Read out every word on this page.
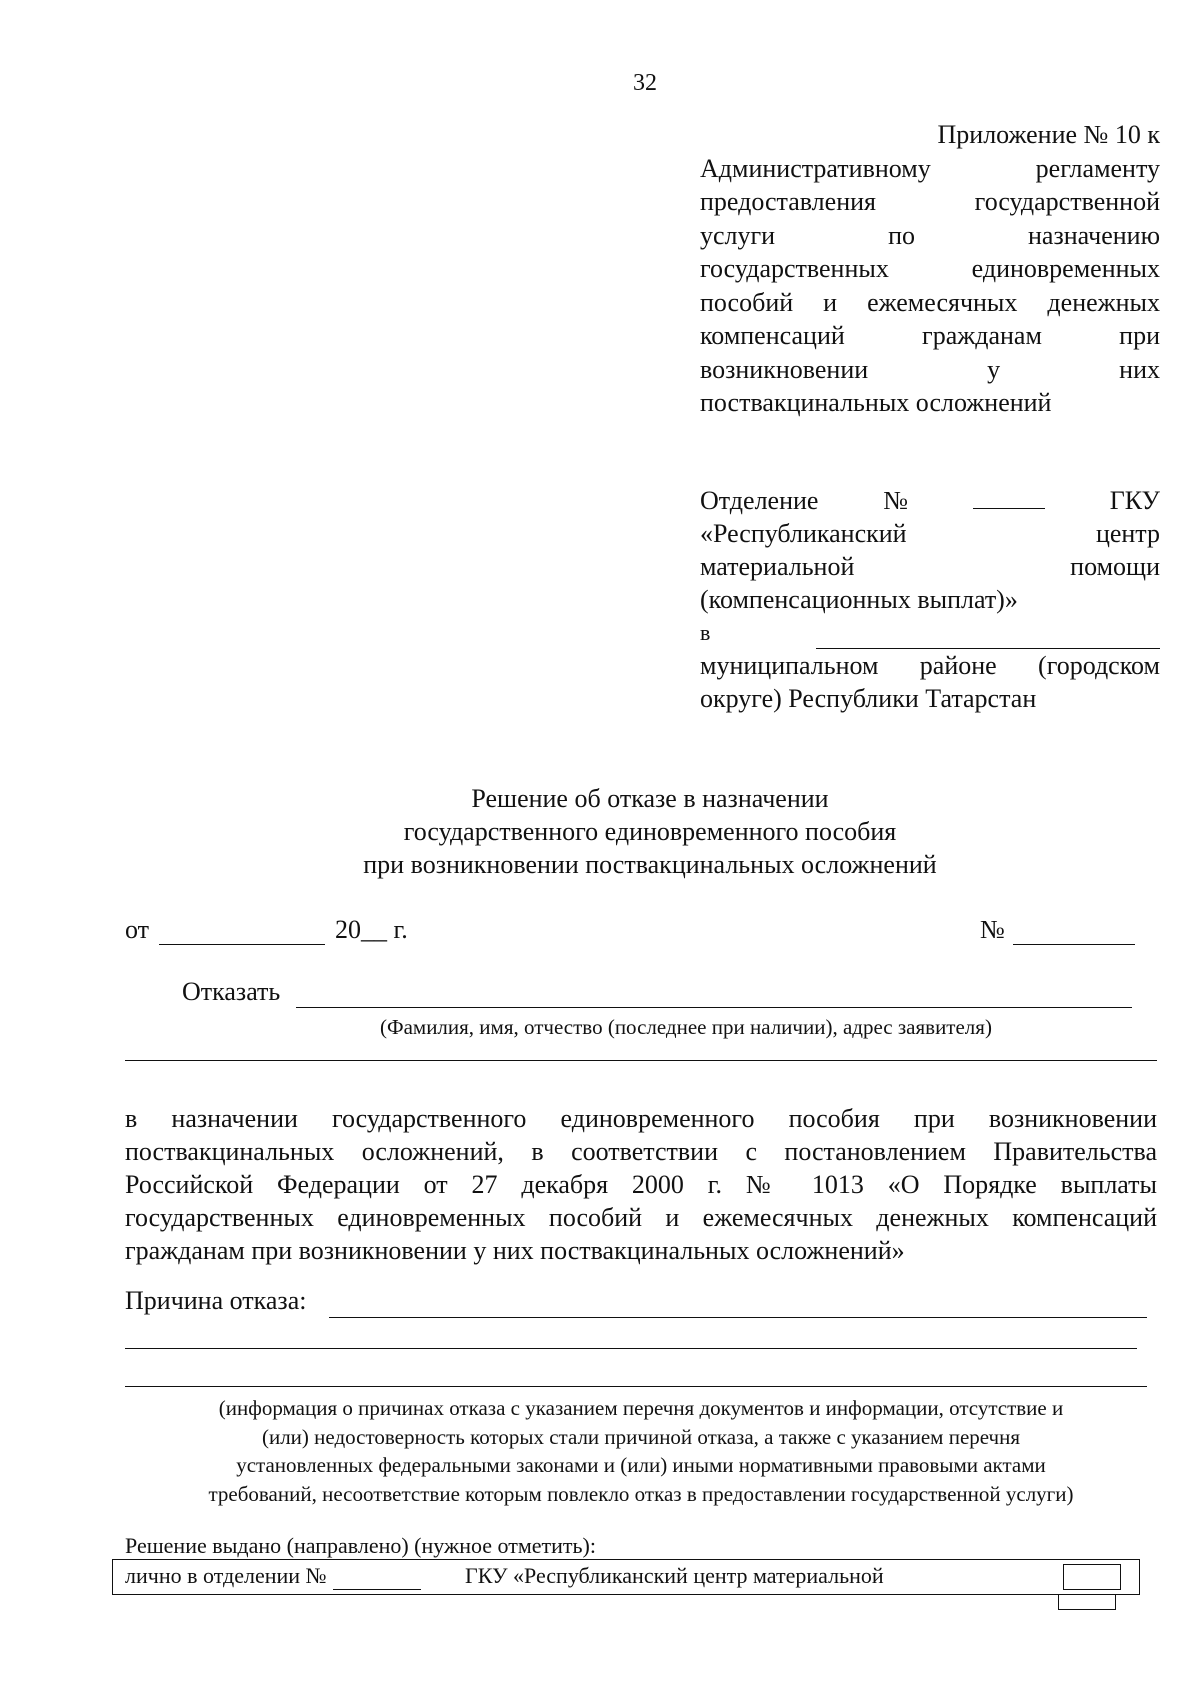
32
Приложение № 10 к
Административному регламенту
предоставления государственной
услуги по назначению
государственных единовременных
пособий и ежемесячных денежных
компенсаций гражданам при
возникновении у них
поствакцинальных осложнений
Отделение №	ГКУ
«Республиканский центр
материальной помощи
(компенсационных выплат)»
в
муниципальном районе (городском
округе) Республики Татарстан
Решение об отказе в назначении
государственного единовременного пособия
при возникновении поствакцинальных осложнений
от	20__ г.	№
Отказать
(Фамилия, имя, отчество (последнее при наличии), адрес заявителя)
в назначении государственного единовременного пособия при возникновении
поствакцинальных осложнений, в соответствии с постановлением Правительства
Российской Федерации от 27 декабря 2000 г. № 1013 «О Порядке выплаты
государственных единовременных пособий и ежемесячных денежных компенсаций
гражданам при возникновении у них поствакцинальных осложнений»
Причина отказа:
(информация о причинах отказа с указанием перечня документов и информации, отсутствие и
(или) недостоверность которых стали причиной отказа, а также с указанием перечня
установленных федеральными законами и (или) иными нормативными правовыми актами
требований, несоответствие которым повлекло отказ в предоставлении государственной услуги)
Решение выдано (направлено) (нужное отметить):
лично в отделении №	ГКУ «Республиканский центр материальной
